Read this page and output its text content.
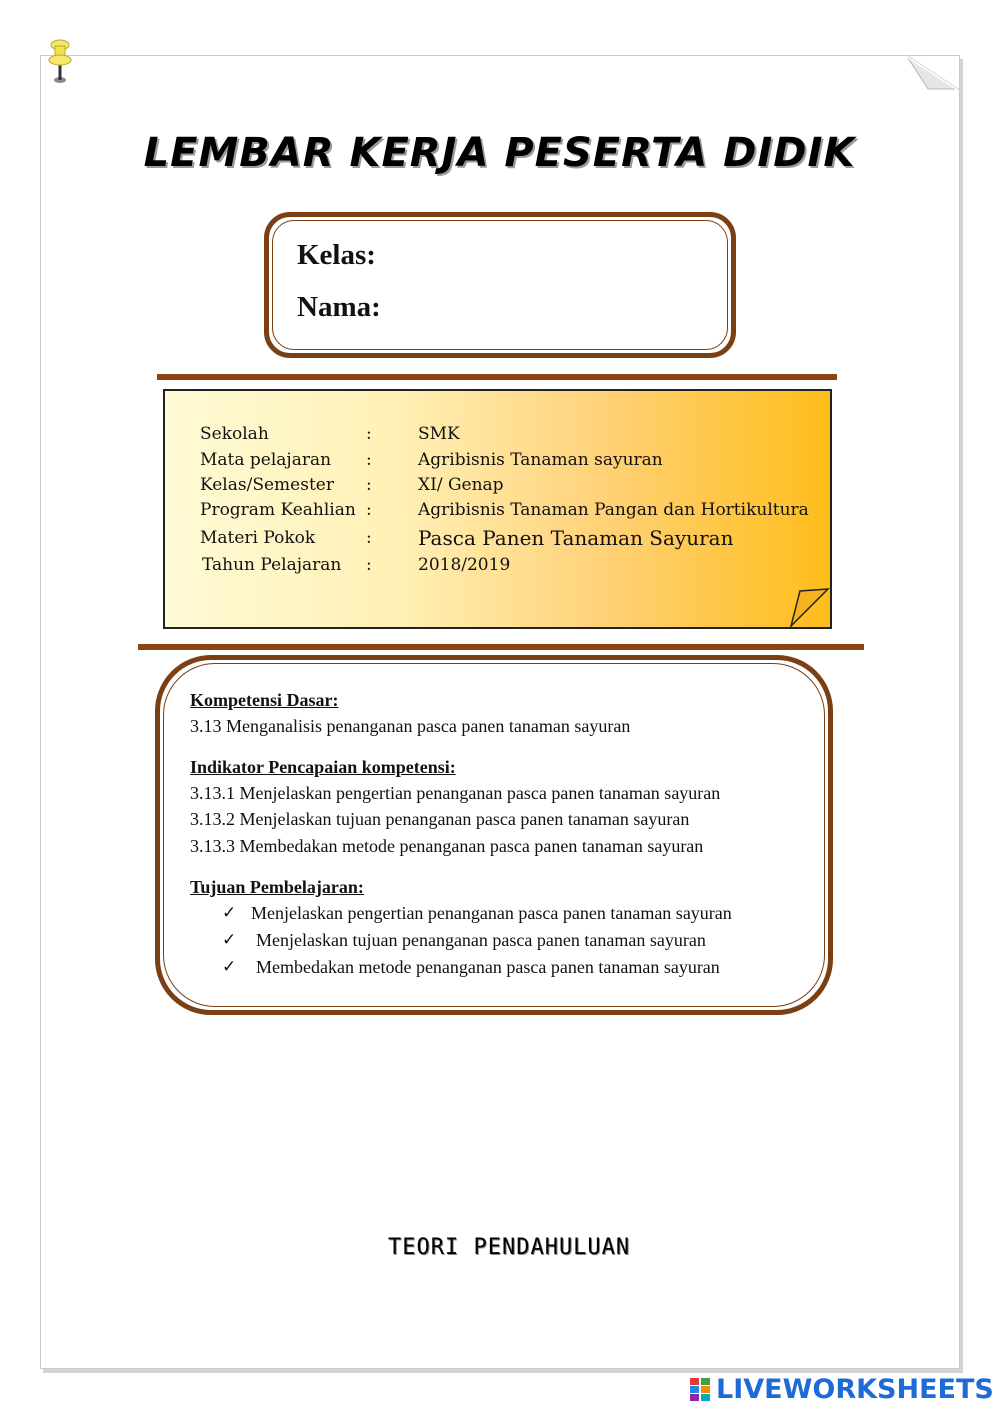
LEMBAR KERJA PESERTA DIDIK
Kelas:
Nama:
Sekolah	:	SMK
Mata pelajaran :	Agribisnis Tanaman sayuran
Kelas/Semester :	XI/ Genap
Program Keahlian :	Agribisnis Tanaman Pangan dan Hortikultura
Materi Pokok	: Pasca Panen Tanaman Sayuran
Tahun Pelajaran :	2018/2019
Kompetensi Dasar:
3.13 Menganalisis penanganan pasca panen tanaman sayuran
Indikator Pencapaian kompetensi:
3.13.1 Menjelaskan pengertian penanganan pasca panen tanaman sayuran
3.13.2 Menjelaskan tujuan penanganan pasca panen tanaman sayuran
3.13.3 Membedakan metode penanganan pasca panen tanaman sayuran
Tujuan Pembelajaran:
✓ Menjelaskan pengertian penanganan pasca panen tanaman sayuran
✓ Menjelaskan tujuan penanganan pasca panen tanaman sayuran
✓ Membedakan metode penanganan pasca panen tanaman sayuran
TEORI PENDAHULUAN
LIVEWORKSHEETS
